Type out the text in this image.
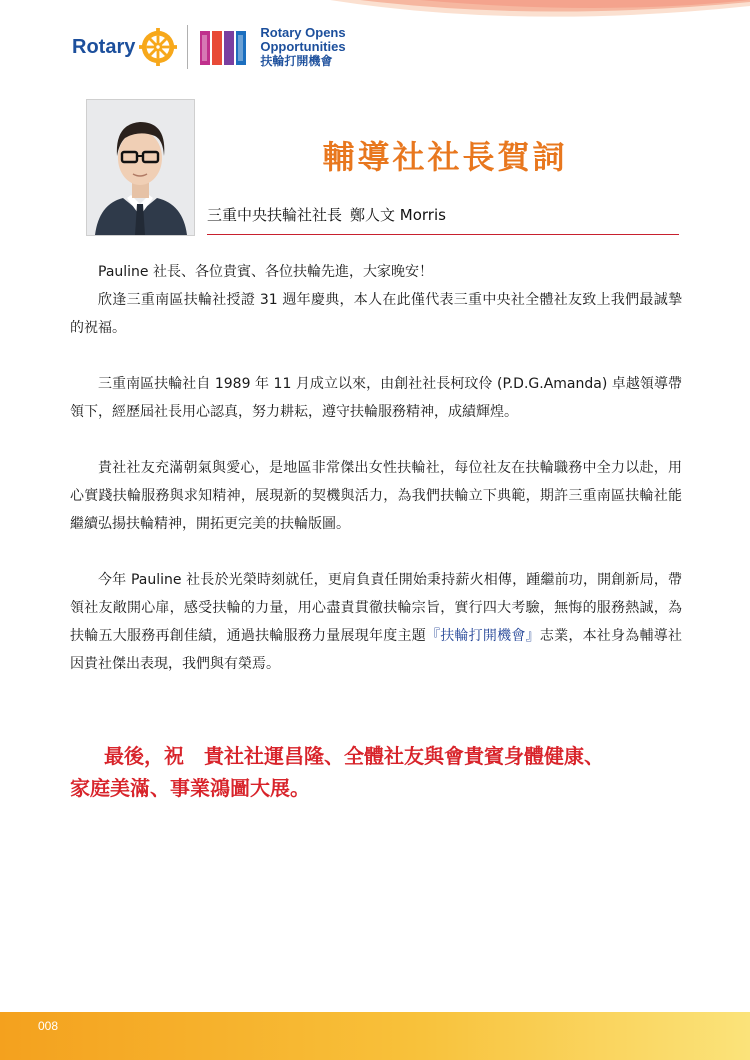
Rotary
Rotary Opens
Opportunities
扶輪打開機會
輔導社社長賀詞
三重中央扶輪社社長 鄭人文 Morris

Pauline 社長、各位貴賓、各位扶輪先進，大家晚安！

欣逢三重南區扶輪社授證 31 週年慶典，本人在此僅代表三重中央社全體社友致上我們最誠摯的祝福。

三重南區扶輪社自 1989 年 11 月成立以來，由創社社長柯玟伶 (P.D.G.Amanda) 卓越領導帶領下，經歷屆社長用心認真，努力耕耘，遵守扶輪服務精神，成績輝煌。

貴社社友充滿朝氣與愛心，是地區非常傑出女性扶輪社，每位社友在扶輪職務中全力以赴，用心實踐扶輪服務與求知精神，展現新的契機與活力，為我們扶輪立下典範，期許三重南區扶輪社能繼續弘揚扶輪精神，開拓更完美的扶輪版圖。

今年 Pauline 社長於光榮時刻就任，更肩負責任開始秉持薪火相傳，踵繼前功，開創新局，帶領社友敞開心扉，感受扶輪的力量，用心盡責貫徹扶輪宗旨，實行四大考驗，無悔的服務熱誠，為扶輪五大服務再創佳績，通過扶輪服務力量展現年度主題『扶輪打開機會』志業，本社身為輔導社因貴社傑出表現，我們與有榮焉。

最後，祝　貴社社運昌隆、全體社友與會貴賓身體健康、
家庭美滿、事業鴻圖大展。
008
